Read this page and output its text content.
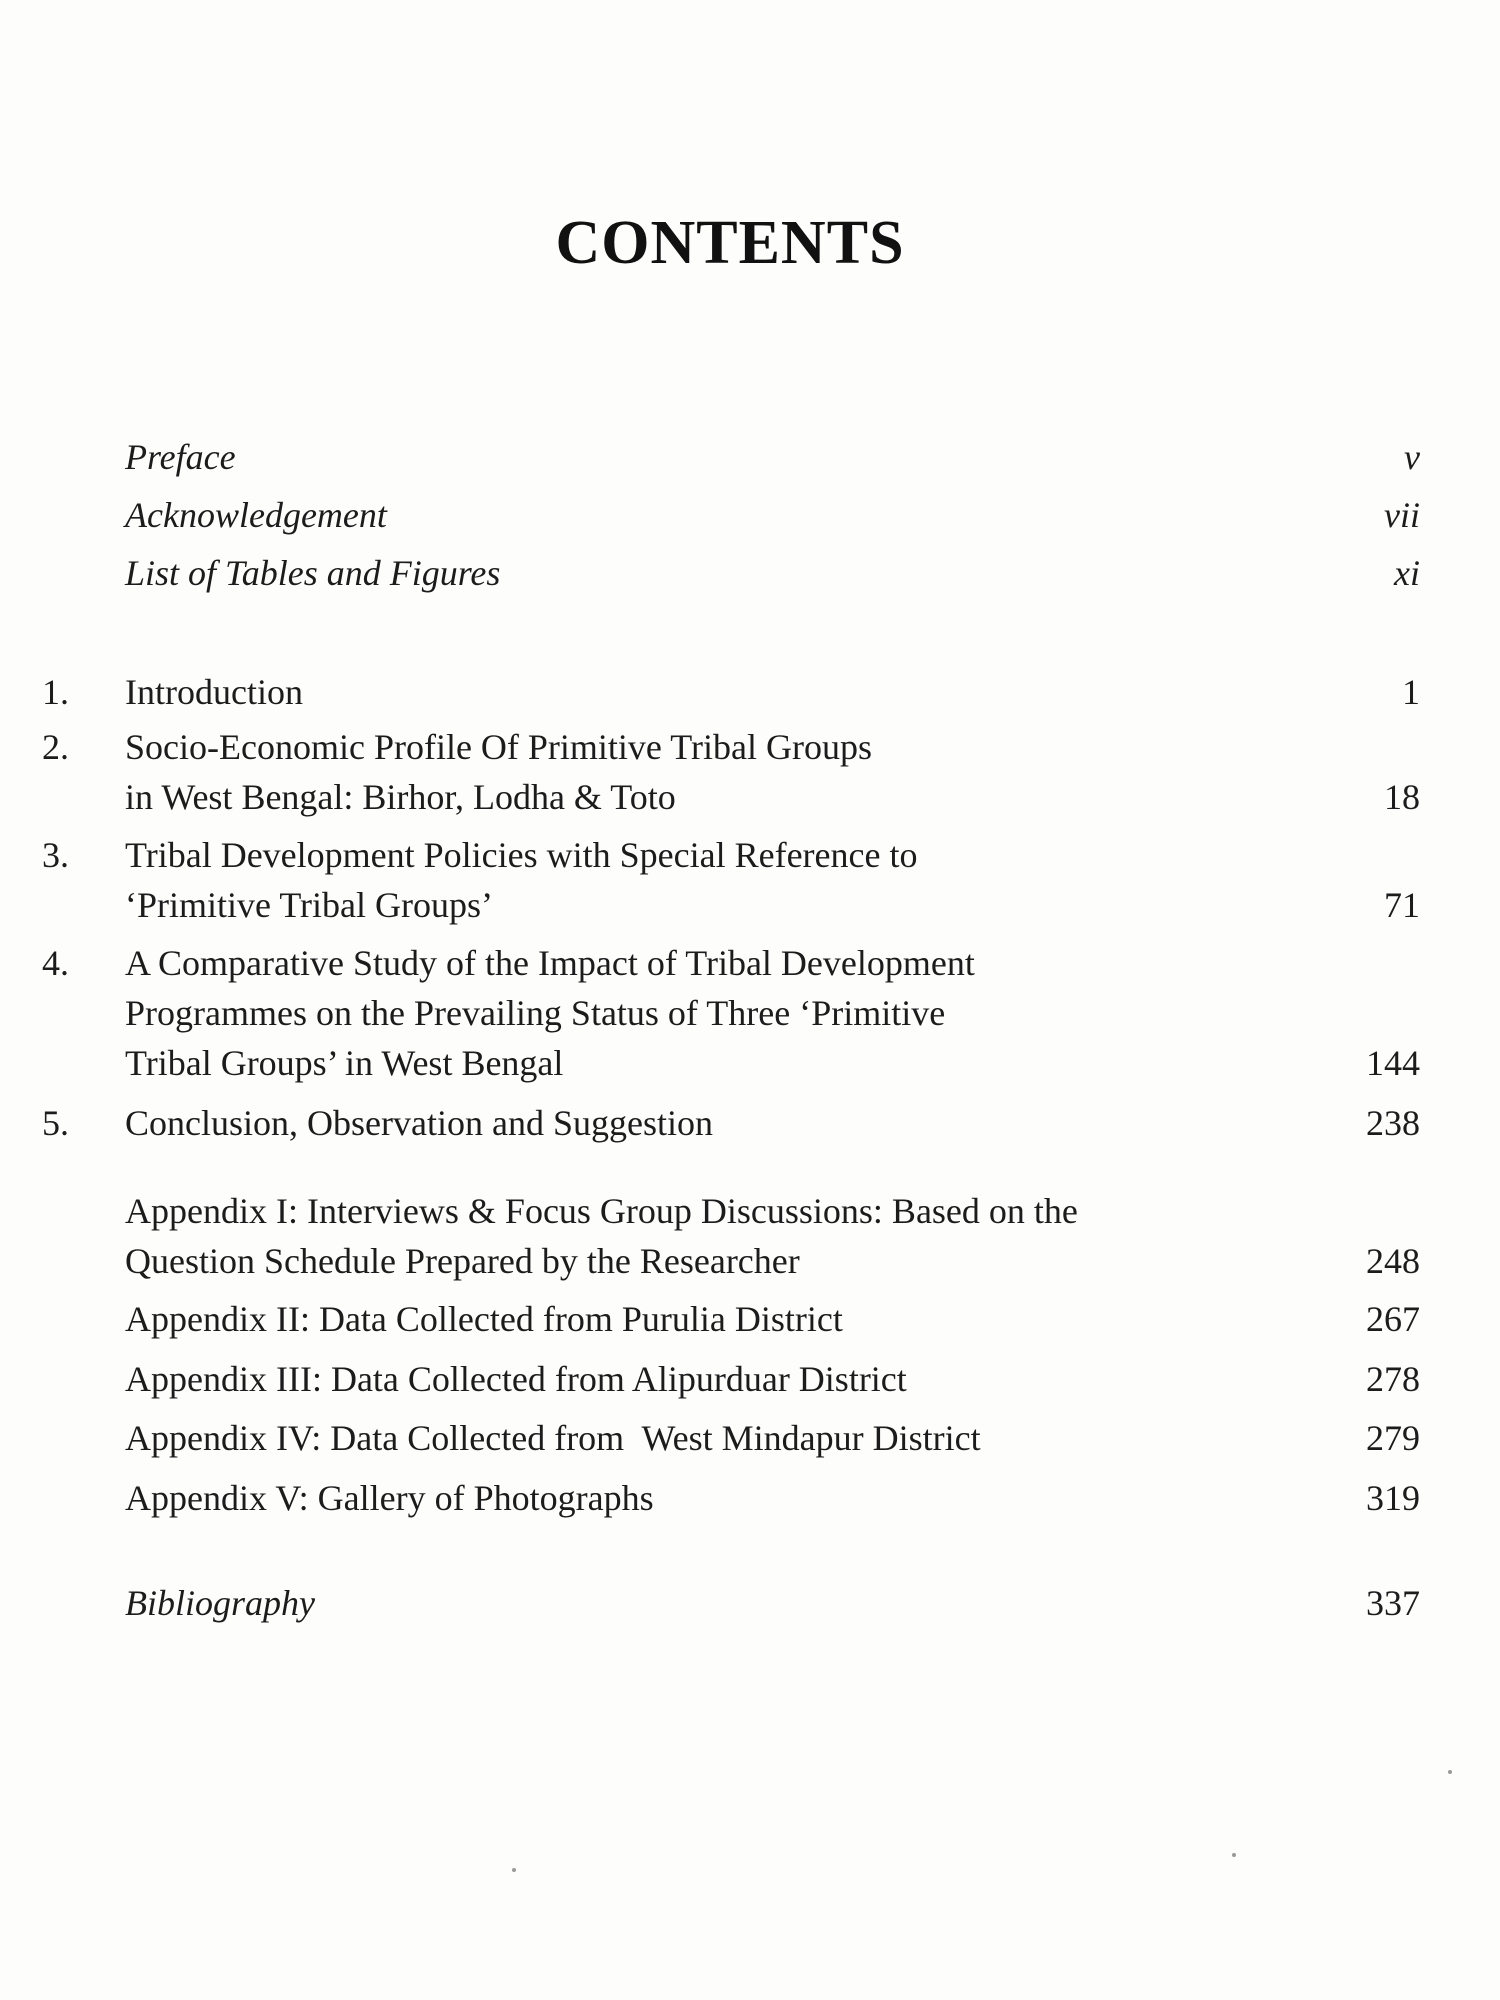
CONTENTS
Preface	v
Acknowledgement	vii
List of Tables and Figures	xi
1. Introduction	1
2. Socio-Economic Profile Of Primitive Tribal Groups
in West Bengal: Birhor, Lodha & Toto	18
3. Tribal Development Policies with Special Reference to
‘Primitive Tribal Groups’	71
4. A Comparative Study of the Impact of Tribal Development
Programmes on the Prevailing Status of Three ‘Primitive
Tribal Groups’ in West Bengal	144
5. Conclusion, Observation and Suggestion	238
Appendix I: Interviews & Focus Group Discussions: Based on the
Question Schedule Prepared by the Researcher	248
Appendix II: Data Collected from Purulia District	267
Appendix III: Data Collected from Alipurduar District	278
Appendix IV: Data Collected from  West Mindapur District	279
Appendix V: Gallery of Photographs	319
Bibliography	337
